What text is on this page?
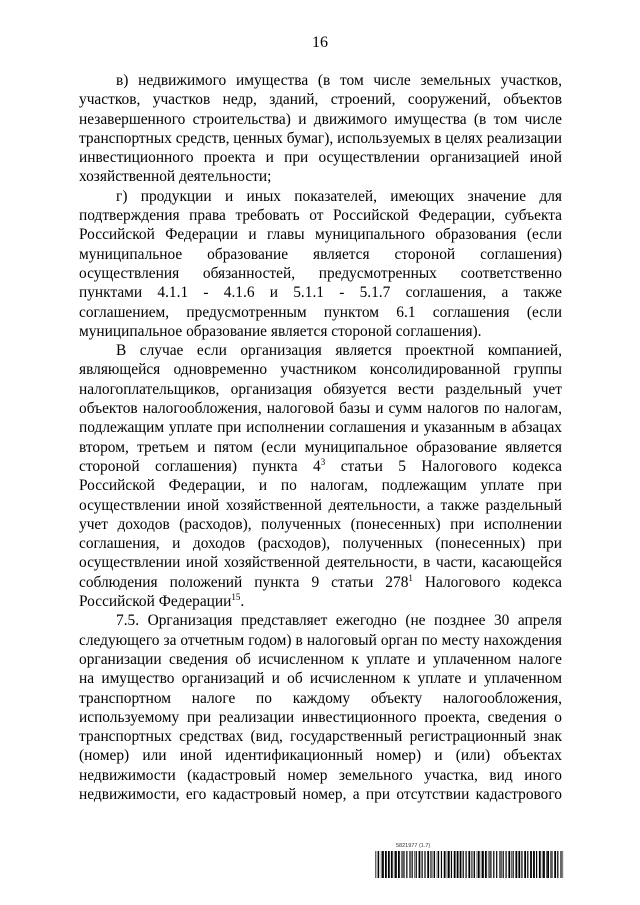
16
в) недвижимого имущества (в том числе земельных участков,
участков, участков недр, зданий, строений, сооружений, объектов
незавершенного строительства) и движимого имущества (в том числе
транспортных средств, ценных бумаг), используемых в целях реализации
инвестиционного проекта и при осуществлении организацией иной
хозяйственной деятельности;
г) продукции и иных показателей, имеющих значение для
подтверждения права требовать от Российской Федерации, субъекта
Российской Федерации и главы муниципального образования (если
муниципальное образование является стороной соглашения)
осуществления обязанностей, предусмотренных соответственно
пунктами 4.1.1 - 4.1.6 и 5.1.1 - 5.1.7 соглашения, а также
соглашением, предусмотренным пунктом 6.1 соглашения (если
муниципальное образование является стороной соглашения).
В случае если организация является проектной компанией,
являющейся одновременно участником консолидированной группы
налогоплательщиков, организация обязуется вести раздельный учет
объектов налогообложения, налоговой базы и сумм налогов по налогам,
подлежащим уплате при исполнении соглашения и указанным в абзацах
втором, третьем и пятом (если муниципальное образование является
стороной соглашения) пункта $4^3$ статьи 5 Налогового кодекса
Российской Федерации, и по налогам, подлежащим уплате при
осуществлении иной хозяйственной деятельности, а также раздельный
учет доходов (расходов), полученных (понесенных) при исполнении
соглашения, и доходов (расходов), полученных (понесенных) при
осуществлении иной хозяйственной деятельности, в части, касающейся
соблюдения положений пункта 9 статьи $278^1$ Налогового кодекса
Российской Федерации$^{15}$.
7.5. Организация представляет ежегодно (не позднее 30 апреля
следующего за отчетным годом) в налоговый орган по месту нахождения
организации сведения об исчисленном к уплате и уплаченном налоге
на имущество организаций и об исчисленном к уплате и уплаченном
транспортном налоге по каждому объекту налогообложения,
используемому при реализации инвестиционного проекта, сведения о
транспортных средствах (вид, государственный регистрационный знак
(номер) или иной идентификационный номер) и (или) объектах
недвижимости (кадастровый номер земельного участка, вид иного
недвижимости, его кадастровый номер, а при отсутствии кадастрового
5821977 (1.7)
